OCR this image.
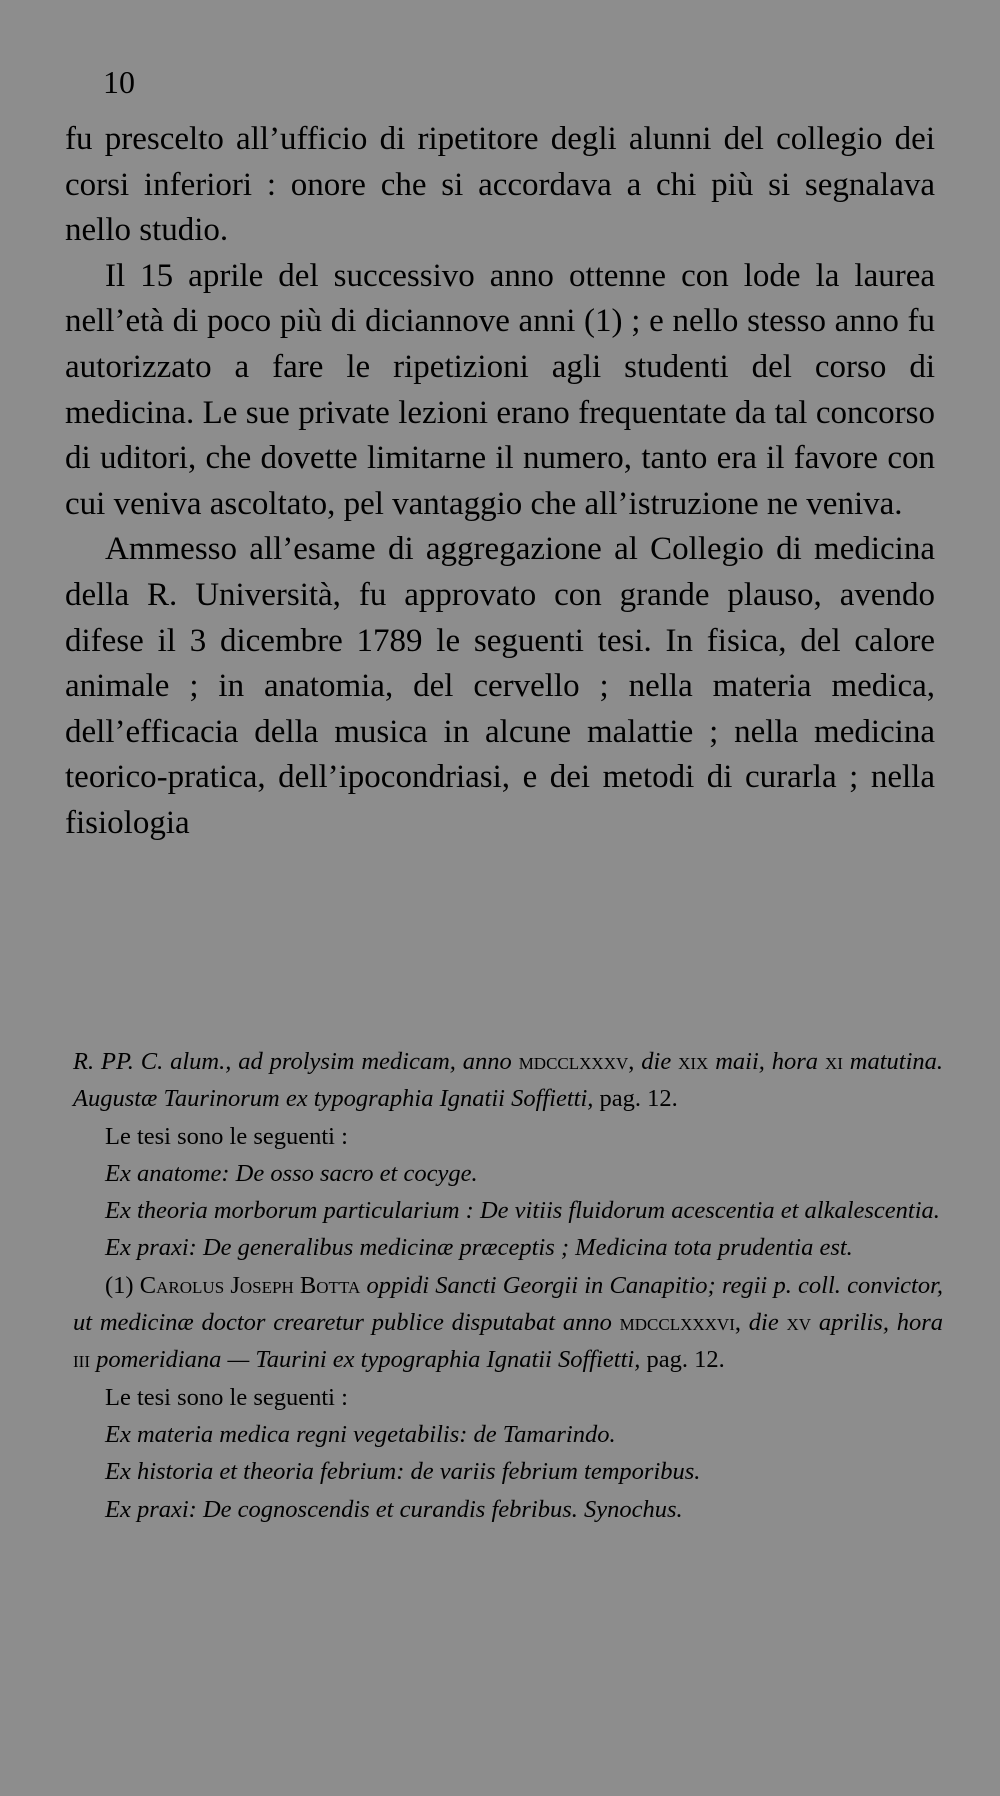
10

fu prescelto all’ufficio di ripetitore degli alunni del collegio dei corsi inferiori : onore che si accordava a chi più si segnalava nello studio.

Il 15 aprile del successivo anno ottenne con lode la laurea nell’età di poco più di diciannove anni (1) ; e nello stesso anno fu autorizzato a fare le ripetizioni agli studenti del corso di medicina. Le sue private lezioni erano frequentate da tal concorso di uditori, che dovette limitarne il numero, tanto era il favore con cui veniva ascoltato, pel vantaggio che all’istruzione ne veniva.

Ammesso all’esame di aggregazione al Collegio di medicina della R. Università, fu approvato con grande plauso, avendo difese il 3 dicembre 1789 le seguenti tesi. In fisica, del calore animale ; in anatomia, del cervello ; nella materia medica, dell’efficacia della musica in alcune malattie ; nella medicina teorico-pratica, dell’ipocondriasi, e dei metodi di curarla ; nella fisiologia

R. PP. C. alum., ad prolysim medicam, anno mdcclxxxv, die xix maii, hora xi matutina. Augustæ Taurinorum ex typographia Ignatii Soffietti, pag. 12.

Le tesi sono le seguenti :

Ex anatome: De osso sacro et cocyge.

Ex theoria morborum particularium : De vitiis fluidorum acescentia et alkalescentia.

Ex praxi: De generalibus medicinæ præceptis ; Medicina tota prudentia est.

(1) Carolus Joseph Botta oppidi Sancti Georgii in Canapitio; regii p. coll. convictor, ut medicinæ doctor crearetur publice disputabat anno mdcclxxxvi, die xv aprilis, hora iii pomeridiana — Taurini ex typographia Ignatii Soffietti, pag. 12.

Le tesi sono le seguenti :

Ex materia medica regni vegetabilis: de Tamarindo.

Ex historia et theoria febrium: de variis febrium temporibus.

Ex praxi: De cognoscendis et curandis febribus. Synochus.
